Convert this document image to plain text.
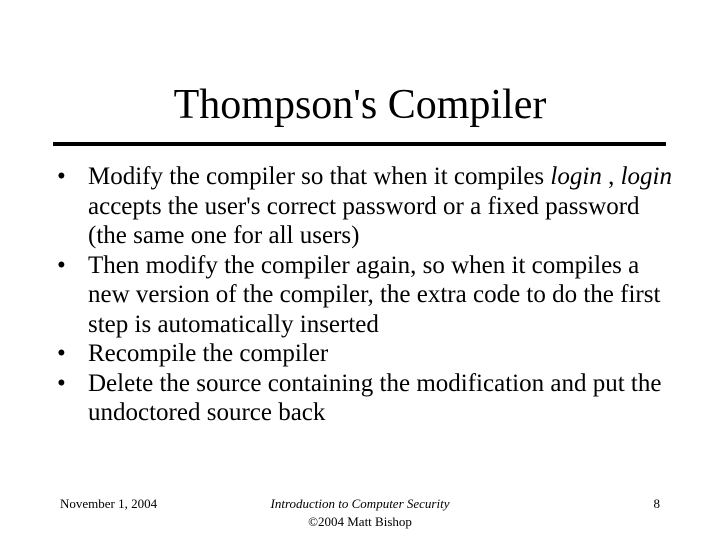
Thompson's Compiler
• Modify the compiler so that when it compiles login , login accepts the user's correct password or a fixed password (the same one for all users)
• Then modify the compiler again, so when it compiles a new version of the compiler, the extra code to do the first step is automatically inserted
• Recompile the compiler
• Delete the source containing the modification and put the undoctored source back
November 1, 2004	Introduction to Computer Security
©2004 Matt Bishop
8
